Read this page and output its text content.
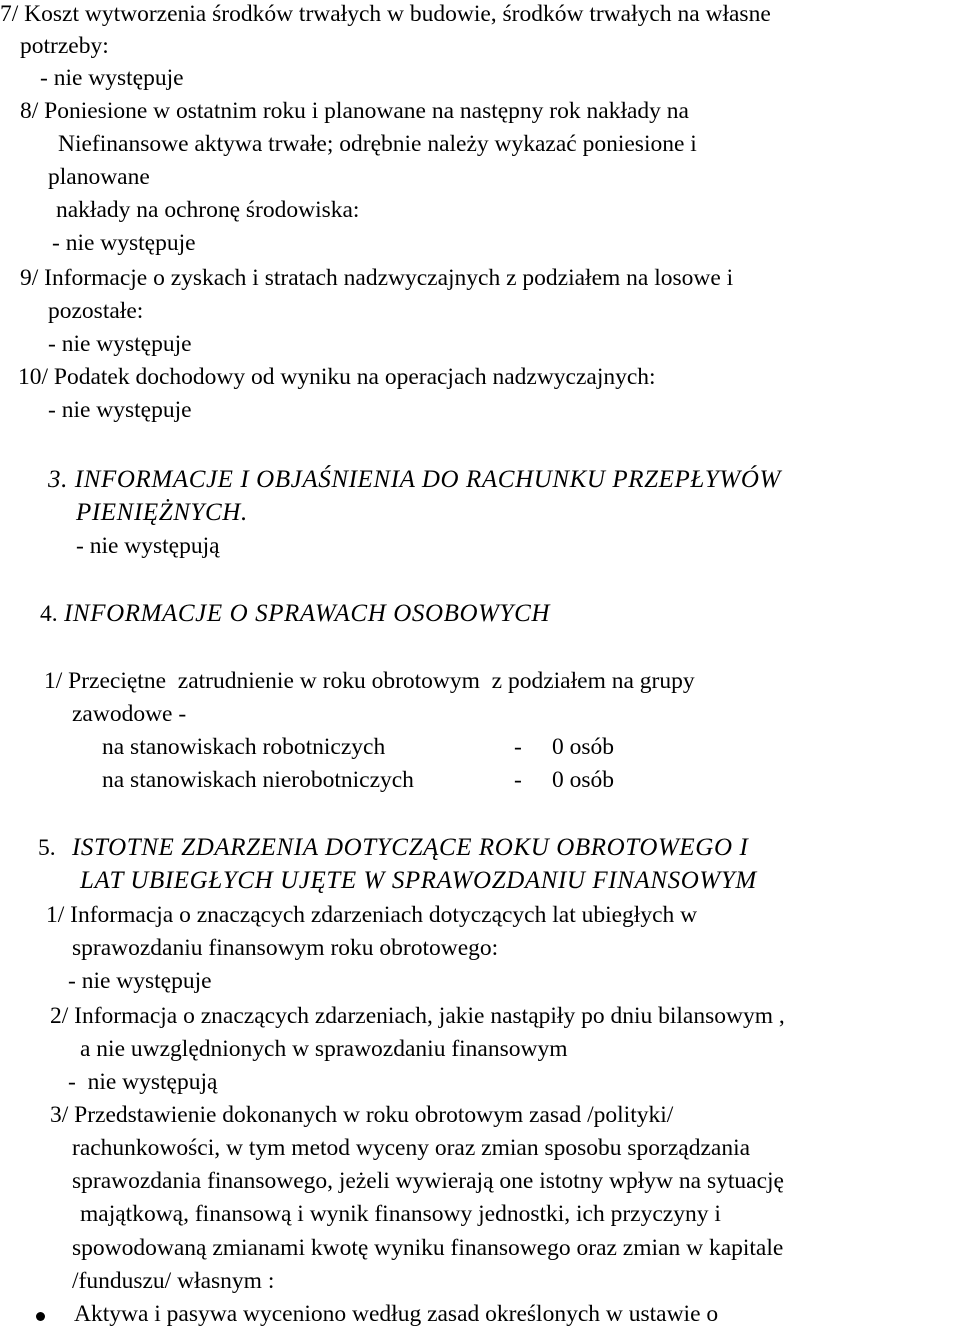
7/ Koszt wytworzenia środków trwałych w budowie, środków trwałych na własne

potrzeby:

- nie występuje

8/ Poniesione w ostatnim roku i planowane na następny rok nakłady na

Niefinansowe aktywa trwałe; odrębnie należy wykazać poniesione i

planowane

nakłady na ochronę środowiska:

- nie występuje

9/ Informacje o zyskach i stratach nadzwyczajnych z podziałem na losowe i

pozostałe:

- nie występuje

10/ Podatek dochodowy od wyniku na operacjach nadzwyczajnych:

- nie występuje

3. INFORMACJE I OBJAŚNIENIA DO RACHUNKU PRZEPŁYWÓW

PIENIĘŻNYCH.

- nie występują

4. INFORMACJE O SPRAWACH OSOBOWYCH

1/ Przeciętne  zatrudnienie w roku obrotowym  z podziałem na grupy

zawodowe -

na stanowiskach robotniczych	- 0 osób

na stanowiskach nierobotniczych	- 0 osób

5. ISTOTNE ZDARZENIA DOTYCZĄCE ROKU OBROTOWEGO I

LAT UBIEGŁYCH UJĘTE W SPRAWOZDANIU FINANSOWYM

1/ Informacja o znaczących zdarzeniach dotyczących lat ubiegłych w

sprawozdaniu finansowym roku obrotowego:

- nie występuje

2/ Informacja o znaczących zdarzeniach, jakie nastąpiły po dniu bilansowym ,

a nie uwzględnionych w sprawozdaniu finansowym

-  nie występują

3/ Przedstawienie dokonanych w roku obrotowym zasad /polityki/

rachunkowości, w tym metod wyceny oraz zmian sposobu sporządzania

sprawozdania finansowego, jeżeli wywierają one istotny wpływ na sytuację

majątkową, finansową i wynik finansowy jednostki, ich przyczyny i

spowodowaną zmianami kwotę wyniku finansowego oraz zmian w kapitale

/funduszu/ własnym :

Aktywa i pasywa wyceniono według zasad określonych w ustawie o
